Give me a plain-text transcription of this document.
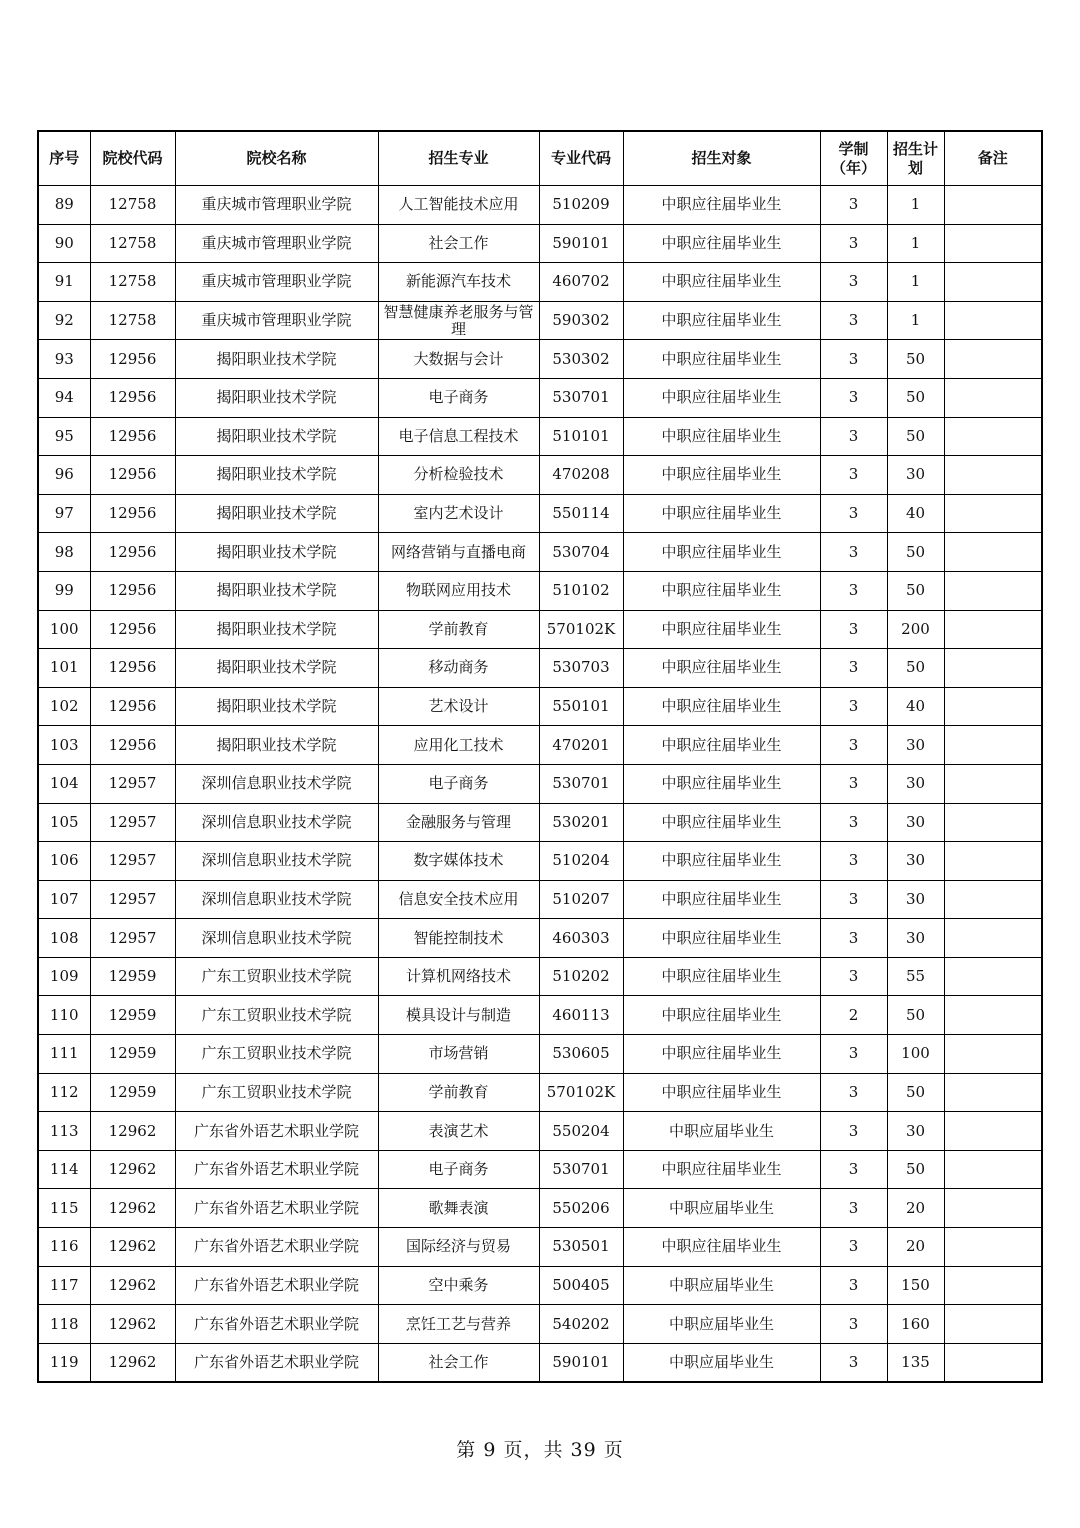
序号	院校代码	院校名称	招生专业	专业代码	招生对象	学制（年）	招生计划	备注
89	12758	重庆城市管理职业学院	人工智能技术应用	510209	中职应往届毕业生	3	1	
90	12758	重庆城市管理职业学院	社会工作	590101	中职应往届毕业生	3	1	
91	12758	重庆城市管理职业学院	新能源汽车技术	460702	中职应往届毕业生	3	1	
92	12758	重庆城市管理职业学院	智慧健康养老服务与管理	590302	中职应往届毕业生	3	1	
93	12956	揭阳职业技术学院	大数据与会计	530302	中职应往届毕业生	3	50	
94	12956	揭阳职业技术学院	电子商务	530701	中职应往届毕业生	3	50	
95	12956	揭阳职业技术学院	电子信息工程技术	510101	中职应往届毕业生	3	50	
96	12956	揭阳职业技术学院	分析检验技术	470208	中职应往届毕业生	3	30	
97	12956	揭阳职业技术学院	室内艺术设计	550114	中职应往届毕业生	3	40	
98	12956	揭阳职业技术学院	网络营销与直播电商	530704	中职应往届毕业生	3	50	
99	12956	揭阳职业技术学院	物联网应用技术	510102	中职应往届毕业生	3	50	
100	12956	揭阳职业技术学院	学前教育	570102K	中职应往届毕业生	3	200	
101	12956	揭阳职业技术学院	移动商务	530703	中职应往届毕业生	3	50	
102	12956	揭阳职业技术学院	艺术设计	550101	中职应往届毕业生	3	40	
103	12956	揭阳职业技术学院	应用化工技术	470201	中职应往届毕业生	3	30	
104	12957	深圳信息职业技术学院	电子商务	530701	中职应往届毕业生	3	30	
105	12957	深圳信息职业技术学院	金融服务与管理	530201	中职应往届毕业生	3	30	
106	12957	深圳信息职业技术学院	数字媒体技术	510204	中职应往届毕业生	3	30	
107	12957	深圳信息职业技术学院	信息安全技术应用	510207	中职应往届毕业生	3	30	
108	12957	深圳信息职业技术学院	智能控制技术	460303	中职应往届毕业生	3	30	
109	12959	广东工贸职业技术学院	计算机网络技术	510202	中职应往届毕业生	3	55	
110	12959	广东工贸职业技术学院	模具设计与制造	460113	中职应往届毕业生	2	50	
111	12959	广东工贸职业技术学院	市场营销	530605	中职应往届毕业生	3	100	
112	12959	广东工贸职业技术学院	学前教育	570102K	中职应往届毕业生	3	50	
113	12962	广东省外语艺术职业学院	表演艺术	550204	中职应届毕业生	3	30	
114	12962	广东省外语艺术职业学院	电子商务	530701	中职应往届毕业生	3	50	
115	12962	广东省外语艺术职业学院	歌舞表演	550206	中职应届毕业生	3	20	
116	12962	广东省外语艺术职业学院	国际经济与贸易	530501	中职应往届毕业生	3	20	
117	12962	广东省外语艺术职业学院	空中乘务	500405	中职应届毕业生	3	150	
118	12962	广东省外语艺术职业学院	烹饪工艺与营养	540202	中职应届毕业生	3	160	
119	12962	广东省外语艺术职业学院	社会工作	590101	中职应届毕业生	3	135	
第 9 页，共 39 页
